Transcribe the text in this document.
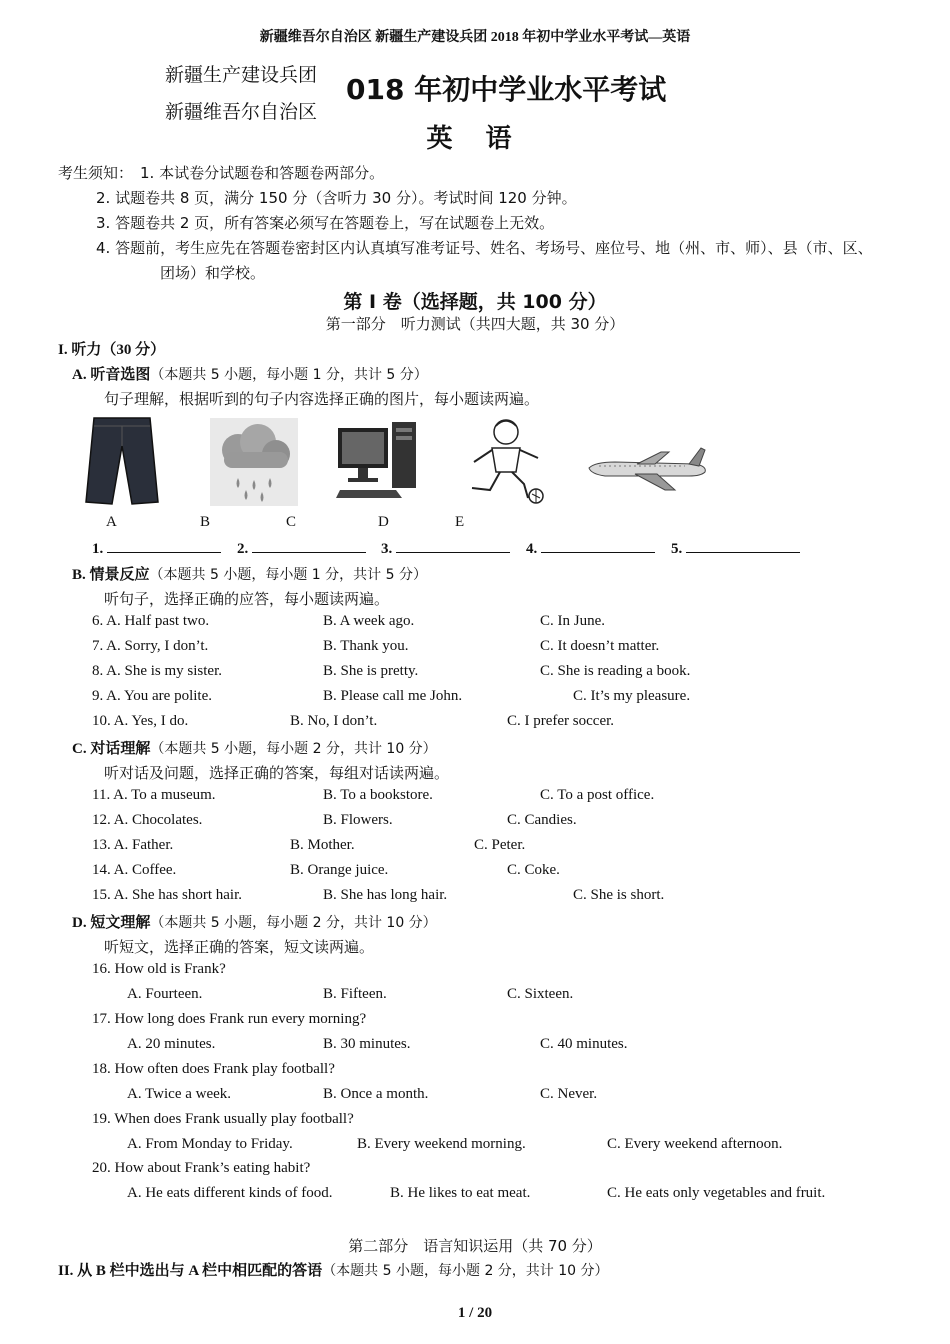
新疆维吾尔自治区 新疆生产建设兵团 2018 年初中学业水平考试—英语
新疆生产建设兵团
新疆维吾尔自治区
018 年初中学业水平考试
英 语
考生须知： 1. 本试卷分试题卷和答题卷两部分。
2. 试题卷共 8 页，满分 150 分（含听力 30 分）。考试时间 120 分钟。
3. 答题卷共 2 页，所有答案必须写在答题卷上，写在试题卷上无效。
4. 答题前，考生应先在答题卷密封区内认真填写准考证号、姓名、考场号、座位号、地（州、市、师）、县（市、区、
团场）和学校。
第 Ⅰ 卷（选择题，共 100 分）
第一部分　听力测试（共四大题，共 30 分）
I. 听力（30 分）
A. 听音选图（本题共 5 小题，每小题 1 分，共计 5 分）
句子理解，根据听到的句子内容选择正确的图片，每小题读两遍。
A	B	C	D	E
1.	2.	3.	4.	5.
B. 情景反应（本题共 5 小题，每小题 1 分，共计 5 分）
听句子，选择正确的应答，每小题读两遍。
6. A. Half past two.	B. A week ago.	C. In June.
7. A. Sorry, I don’t.	B. Thank you.	C. It doesn’t matter.
8. A. She is my sister.	B. She is pretty.	C. She is reading a book.
9. A. You are polite.	B. Please call me John.	C. It’s my pleasure.
10. A. Yes, I do.	B. No, I don’t.	C. I prefer soccer.
C. 对话理解（本题共 5 小题，每小题 2 分，共计 10 分）
听对话及问题，选择正确的答案，每组对话读两遍。
11. A. To a museum.	B. To a bookstore.	C. To a post office.
12. A. Chocolates.	B. Flowers.	C. Candies.
13. A. Father.	B. Mother.	C. Peter.
14. A. Coffee.	B. Orange juice.	C. Coke.
15. A. She has short hair.	B. She has long hair.	C. She is short.
D. 短文理解（本题共 5 小题，每小题 2 分，共计 10 分）
听短文，选择正确的答案，短文读两遍。
16. How old is Frank?
A. Fourteen.	B. Fifteen.	C. Sixteen.
17. How long does Frank run every morning?
A. 20 minutes.	B. 30 minutes.	C. 40 minutes.
18. How often does Frank play football?
A. Twice a week.	B. Once a month.	C. Never.
19. When does Frank usually play football?
A. From Monday to Friday.	B. Every weekend morning.	C. Every weekend afternoon.
20. How about Frank’s eating habit?
A. He eats different kinds of food.	B. He likes to eat meat.	C. He eats only vegetables and fruit.
第二部分　语言知识运用（共 70 分）
II. 从 B 栏中选出与 A 栏中相匹配的答语（本题共 5 小题，每小题 2 分，共计 10 分）
1 / 20
